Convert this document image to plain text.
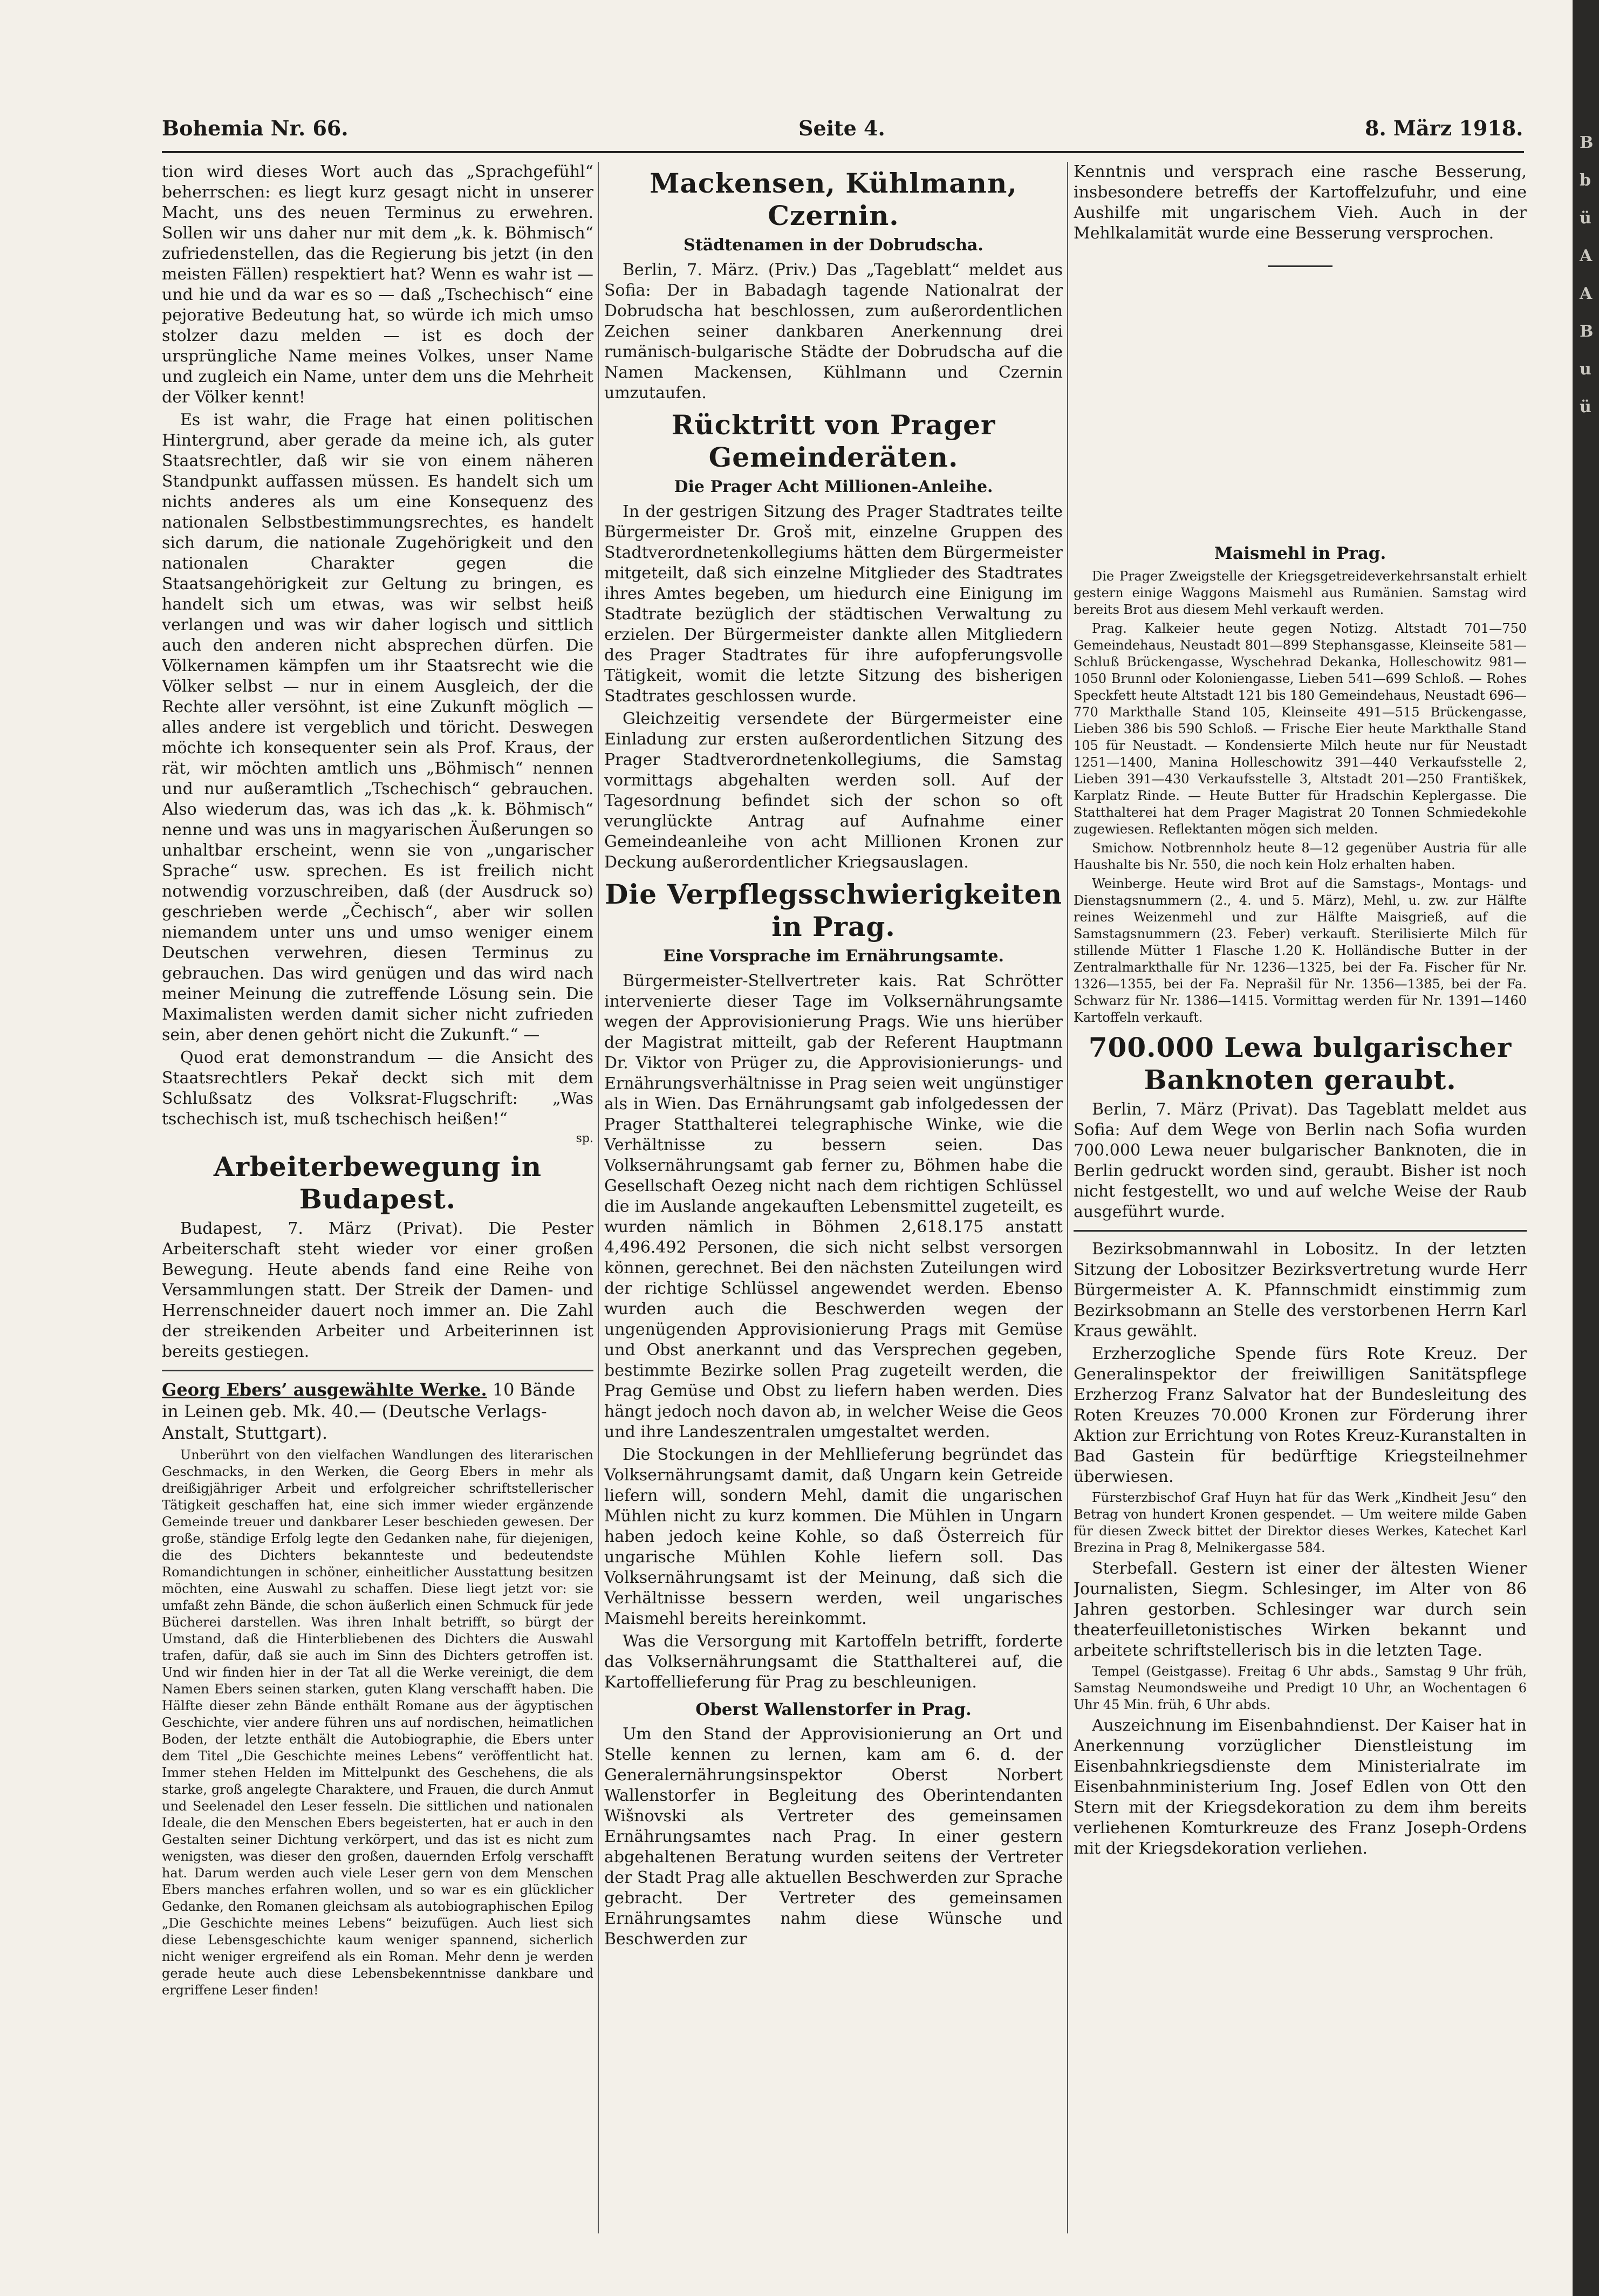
B b ü A A B u ü
Bohemia Nr. 66.	Seite 4.	8. März 1918.

tion wird dieses Wort auch das „Sprachgefühl“ beherrschen: es liegt kurz gesagt nicht in unserer Macht, uns des neuen Terminus zu erwehren. Sollen wir uns daher nur mit dem „k. k. Böhmisch“ zufriedenstellen, das die Regierung bis jetzt (in den meisten Fällen) respektiert hat? Wenn es wahr ist — und hie und da war es so — daß „Tschechisch“ eine pejorative Bedeutung hat, so würde ich mich umso stolzer dazu melden — ist es doch der ursprüngliche Name meines Volkes, unser Name und zugleich ein Name, unter dem uns die Mehrheit der Völker kennt!

Es ist wahr, die Frage hat einen politischen Hintergrund, aber gerade da meine ich, als guter Staatsrechtler, daß wir sie von einem näheren Standpunkt auffassen müssen. Es handelt sich um nichts anderes als um eine Konsequenz des nationalen Selbstbestimmungsrechtes, es handelt sich darum, die nationale Zugehörigkeit und den nationalen Charakter gegen die Staatsangehörigkeit zur Geltung zu bringen, es handelt sich um etwas, was wir selbst heiß verlangen und was wir daher logisch und sittlich auch den anderen nicht absprechen dürfen. Die Völkernamen kämpfen um ihr Staatsrecht wie die Völker selbst — nur in einem Ausgleich, der die Rechte aller versöhnt, ist eine Zukunft möglich — alles andere ist vergeblich und töricht. Deswegen möchte ich konsequenter sein als Prof. Kraus, der rät, wir möchten amtlich uns „Böhmisch“ nennen und nur außeramtlich „Tschechisch“ gebrauchen. Also wiederum das, was ich das „k. k. Böhmisch“ nenne und was uns in magyarischen Äußerungen so unhaltbar erscheint, wenn sie von „ungarischer Sprache“ usw. sprechen. Es ist freilich nicht notwendig vorzuschreiben, daß (der Ausdruck so) geschrieben werde „Čechisch“, aber wir sollen niemandem unter uns und umso weniger einem Deutschen verwehren, diesen Terminus zu gebrauchen. Das wird genügen und das wird nach meiner Meinung die zutreffende Lösung sein. Die Maximalisten werden damit sicher nicht zufrieden sein, aber denen gehört nicht die Zukunft.“ —

Quod erat demonstrandum — die Ansicht des Staatsrechtlers Pekař deckt sich mit dem Schlußsatz des Volksrat-Flugschrift: „Was tschechisch ist, muß tschechisch heißen!“

sp.
Arbeiterbewegung in Budapest.

Budapest, 7. März (Privat). Die Pester Arbeiterschaft steht wieder vor einer großen Bewegung. Heute abends fand eine Reihe von Versammlungen statt. Der Streik der Damen- und Herrenschneider dauert noch immer an. Die Zahl der streikenden Arbeiter und Arbeiterinnen ist bereits gestiegen.

Georg Ebers’ ausgewählte Werke. 10 Bände in Leinen geb. Mk. 40.— (Deutsche Verlags-Anstalt, Stuttgart).

Unberührt von den vielfachen Wandlungen des literarischen Geschmacks, in den Werken, die Georg Ebers in mehr als dreißigjähriger Arbeit und erfolgreicher schriftstellerischer Tätigkeit geschaffen hat, eine sich immer wieder ergänzende Gemeinde treuer und dankbarer Leser beschieden gewesen. Der große, ständige Erfolg legte den Gedanken nahe, für diejenigen, die des Dichters bekannteste und bedeutendste Romandichtungen in schöner, einheitlicher Ausstattung besitzen möchten, eine Auswahl zu schaffen. Diese liegt jetzt vor: sie umfaßt zehn Bände, die schon äußerlich einen Schmuck für jede Bücherei darstellen. Was ihren Inhalt betrifft, so bürgt der Umstand, daß die Hinterbliebenen des Dichters die Auswahl trafen, dafür, daß sie auch im Sinn des Dichters getroffen ist. Und wir finden hier in der Tat all die Werke vereinigt, die dem Namen Ebers seinen starken, guten Klang verschafft haben. Die Hälfte dieser zehn Bände enthält Romane aus der ägyptischen Geschichte, vier andere führen uns auf nordischen, heimatlichen Boden, der letzte enthält die Autobiographie, die Ebers unter dem Titel „Die Geschichte meines Lebens“ veröffentlicht hat. Immer stehen Helden im Mittelpunkt des Geschehens, die als starke, groß angelegte Charaktere, und Frauen, die durch Anmut und Seelenadel den Leser fesseln. Die sittlichen und nationalen Ideale, die den Menschen Ebers begeisterten, hat er auch in den Gestalten seiner Dichtung verkörpert, und das ist es nicht zum wenigsten, was dieser den großen, dauernden Erfolg verschafft hat. Darum werden auch viele Leser gern von dem Menschen Ebers manches erfahren wollen, und so war es ein glücklicher Gedanke, den Romanen gleichsam als autobiographischen Epilog „Die Geschichte meines Lebens“ beizufügen. Auch liest sich diese Lebensgeschichte kaum weniger spannend, sicherlich nicht weniger ergreifend als ein Roman. Mehr denn je werden gerade heute auch diese Lebensbekenntnisse dankbare und ergriffene Leser finden!

Mackensen, Kühlmann, Czernin.
Städtenamen in der Dobrudscha.

Berlin, 7. März. (Priv.) Das „Tageblatt“ meldet aus Sofia: Der in Babadagh tagende Nationalrat der Dobrudscha hat beschlossen, zum außerordentlichen Zeichen seiner dankbaren Anerkennung drei rumänisch-bulgarische Städte der Dobrudscha auf die Namen Mackensen, Kühlmann und Czernin umzutaufen.

Rücktritt von Prager Gemeinderäten.
Die Prager Acht Millionen-Anleihe.

In der gestrigen Sitzung des Prager Stadtrates teilte Bürgermeister Dr. Groš mit, einzelne Gruppen des Stadtverordnetenkollegiums hätten dem Bürgermeister mitgeteilt, daß sich einzelne Mitglieder des Stadtrates ihres Amtes begeben, um hiedurch eine Einigung im Stadtrate bezüglich der städtischen Verwaltung zu erzielen. Der Bürgermeister dankte allen Mitgliedern des Prager Stadtrates für ihre aufopferungsvolle Tätigkeit, womit die letzte Sitzung des bisherigen Stadtrates geschlossen wurde.

Gleichzeitig versendete der Bürgermeister eine Einladung zur ersten außerordentlichen Sitzung des Prager Stadtverordnetenkollegiums, die Samstag vormittags abgehalten werden soll. Auf der Tagesordnung befindet sich der schon so oft verunglückte Antrag auf Aufnahme einer Gemeindeanleihe von acht Millionen Kronen zur Deckung außerordentlicher Kriegsauslagen.

Die Verpflegsschwierigkeiten in Prag.
Eine Vorsprache im Ernährungsamte.

Bürgermeister-Stellvertreter kais. Rat Schrötter intervenierte dieser Tage im Volksernährungsamte wegen der Approvisionierung Prags. Wie uns hierüber der Magistrat mitteilt, gab der Referent Hauptmann Dr. Viktor von Prüger zu, die Approvisionierungs- und Ernährungsverhältnisse in Prag seien weit ungünstiger als in Wien. Das Ernährungsamt gab infolgedessen der Prager Statthalterei telegraphische Winke, wie die Verhältnisse zu bessern seien. Das Volksernährungsamt gab ferner zu, Böhmen habe die Gesellschaft Oezeg nicht nach dem richtigen Schlüssel die im Auslande angekauften Lebensmittel zugeteilt, es wurden nämlich in Böhmen 2,618.175 anstatt 4,496.492 Personen, die sich nicht selbst versorgen können, gerechnet. Bei den nächsten Zuteilungen wird der richtige Schlüssel angewendet werden. Ebenso wurden auch die Beschwerden wegen der ungenügenden Approvisionierung Prags mit Gemüse und Obst anerkannt und das Versprechen gegeben, bestimmte Bezirke sollen Prag zugeteilt werden, die Prag Gemüse und Obst zu liefern haben werden. Dies hängt jedoch noch davon ab, in welcher Weise die Geos und ihre Landeszentralen umgestaltet werden.

Die Stockungen in der Mehllieferung begründet das Volksernährungsamt damit, daß Ungarn kein Getreide liefern will, sondern Mehl, damit die ungarischen Mühlen nicht zu kurz kommen. Die Mühlen in Ungarn haben jedoch keine Kohle, so daß Österreich für ungarische Mühlen Kohle liefern soll. Das Volksernährungsamt ist der Meinung, daß sich die Verhältnisse bessern werden, weil ungarisches Maismehl bereits hereinkommt.

Was die Versorgung mit Kartoffeln betrifft, forderte das Volksernährungsamt die Statthalterei auf, die Kartoffellieferung für Prag zu beschleunigen.

Oberst Wallenstorfer in Prag.

Um den Stand der Approvisionierung an Ort und Stelle kennen zu lernen, kam am 6. d. der Generalernährungsinspektor Oberst Norbert Wallenstorfer in Begleitung des Oberintendanten Wišnovski als Vertreter des gemeinsamen Ernährungsamtes nach Prag. In einer gestern abgehaltenen Beratung wurden seitens der Vertreter der Stadt Prag alle aktuellen Beschwerden zur Sprache gebracht. Der Vertreter des gemeinsamen Ernährungsamtes nahm diese Wünsche und Beschwerden zur

Kenntnis und versprach eine rasche Besserung, insbesondere betreffs der Kartoffelzufuhr, und eine Aushilfe mit ungarischem Vieh. Auch in der Mehlkalamität wurde eine Besserung versprochen.

Maismehl in Prag.

Die Prager Zweigstelle der Kriegsgetreideverkehrsanstalt erhielt gestern einige Waggons Maismehl aus Rumänien. Samstag wird bereits Brot aus diesem Mehl verkauft werden.

Prag. Kalkeier heute gegen Notizg. Altstadt 701—750 Gemeindehaus, Neustadt 801—899 Stephansgasse, Kleinseite 581—Schluß Brückengasse, Wyschehrad Dekanka, Holleschowitz 981—1050 Brunnl oder Koloniengasse, Lieben 541—699 Schloß. — Rohes Speckfett heute Altstadt 121 bis 180 Gemeindehaus, Neustadt 696—770 Markthalle Stand 105, Kleinseite 491—515 Brückengasse, Lieben 386 bis 590 Schloß. — Frische Eier heute Markthalle Stand 105 für Neustadt. — Kondensierte Milch heute nur für Neustadt 1251—1400, Manina Holleschowitz 391—440 Verkaufsstelle 2, Lieben 391—430 Verkaufsstelle 3, Altstadt 201—250 Františkek, Karplatz Rinde. — Heute Butter für Hradschin Keplergasse. Die Statthalterei hat dem Prager Magistrat 20 Tonnen Schmiedekohle zugewiesen. Reflektanten mögen sich melden.

Smichow. Notbrennholz heute 8—12 gegenüber Austria für alle Haushalte bis Nr. 550, die noch kein Holz erhalten haben.

Weinberge. Heute wird Brot auf die Samstags-, Montags- und Dienstagsnummern (2., 4. und 5. März), Mehl, u. zw. zur Hälfte reines Weizenmehl und zur Hälfte Maisgrieß, auf die Samstagsnummern (23. Feber) verkauft. Sterilisierte Milch für stillende Mütter 1 Flasche 1.20 K. Holländische Butter in der Zentralmarkthalle für Nr. 1236—1325, bei der Fa. Fischer für Nr. 1326—1355, bei der Fa. Neprašil für Nr. 1356—1385, bei der Fa. Schwarz für Nr. 1386—1415. Vormittag werden für Nr. 1391—1460 Kartoffeln verkauft.

700.000 Lewa bulgarischer Banknoten geraubt.

Berlin, 7. März (Privat). Das Tageblatt meldet aus Sofia: Auf dem Wege von Berlin nach Sofia wurden 700.000 Lewa neuer bulgarischer Banknoten, die in Berlin gedruckt worden sind, geraubt. Bisher ist noch nicht festgestellt, wo und auf welche Weise der Raub ausgeführt wurde.

Bezirksobmannwahl in Lobositz. In der letzten Sitzung der Lobositzer Bezirksvertretung wurde Herr Bürgermeister A. K. Pfannschmidt einstimmig zum Bezirksobmann an Stelle des verstorbenen Herrn Karl Kraus gewählt.

Erzherzogliche Spende fürs Rote Kreuz. Der Generalinspektor der freiwilligen Sanitätspflege Erzherzog Franz Salvator hat der Bundesleitung des Roten Kreuzes 70.000 Kronen zur Förderung ihrer Aktion zur Errichtung von Rotes Kreuz-Kuranstalten in Bad Gastein für bedürftige Kriegsteilnehmer überwiesen.

Fürsterzbischof Graf Huyn hat für das Werk „Kindheit Jesu“ den Betrag von hundert Kronen gespendet. — Um weitere milde Gaben für diesen Zweck bittet der Direktor dieses Werkes, Katechet Karl Brezina in Prag 8, Melnikergasse 584.

Sterbefall. Gestern ist einer der ältesten Wiener Journalisten, Siegm. Schlesinger, im Alter von 86 Jahren gestorben. Schlesinger war durch sein theaterfeuilletonistisches Wirken bekannt und arbeitete schriftstellerisch bis in die letzten Tage.

Tempel (Geistgasse). Freitag 6 Uhr abds., Samstag 9 Uhr früh, Samstag Neumondsweihe und Predigt 10 Uhr, an Wochentagen 6 Uhr 45 Min. früh, 6 Uhr abds.

Auszeichnung im Eisenbahndienst. Der Kaiser hat in Anerkennung vorzüglicher Dienstleistung im Eisenbahnkriegsdienste dem Ministerialrate im Eisenbahnministerium Ing. Josef Edlen von Ott den Stern mit der Kriegsdekoration zu dem ihm bereits verliehenen Komturkreuze des Franz Joseph-Ordens mit der Kriegsdekoration verliehen.
